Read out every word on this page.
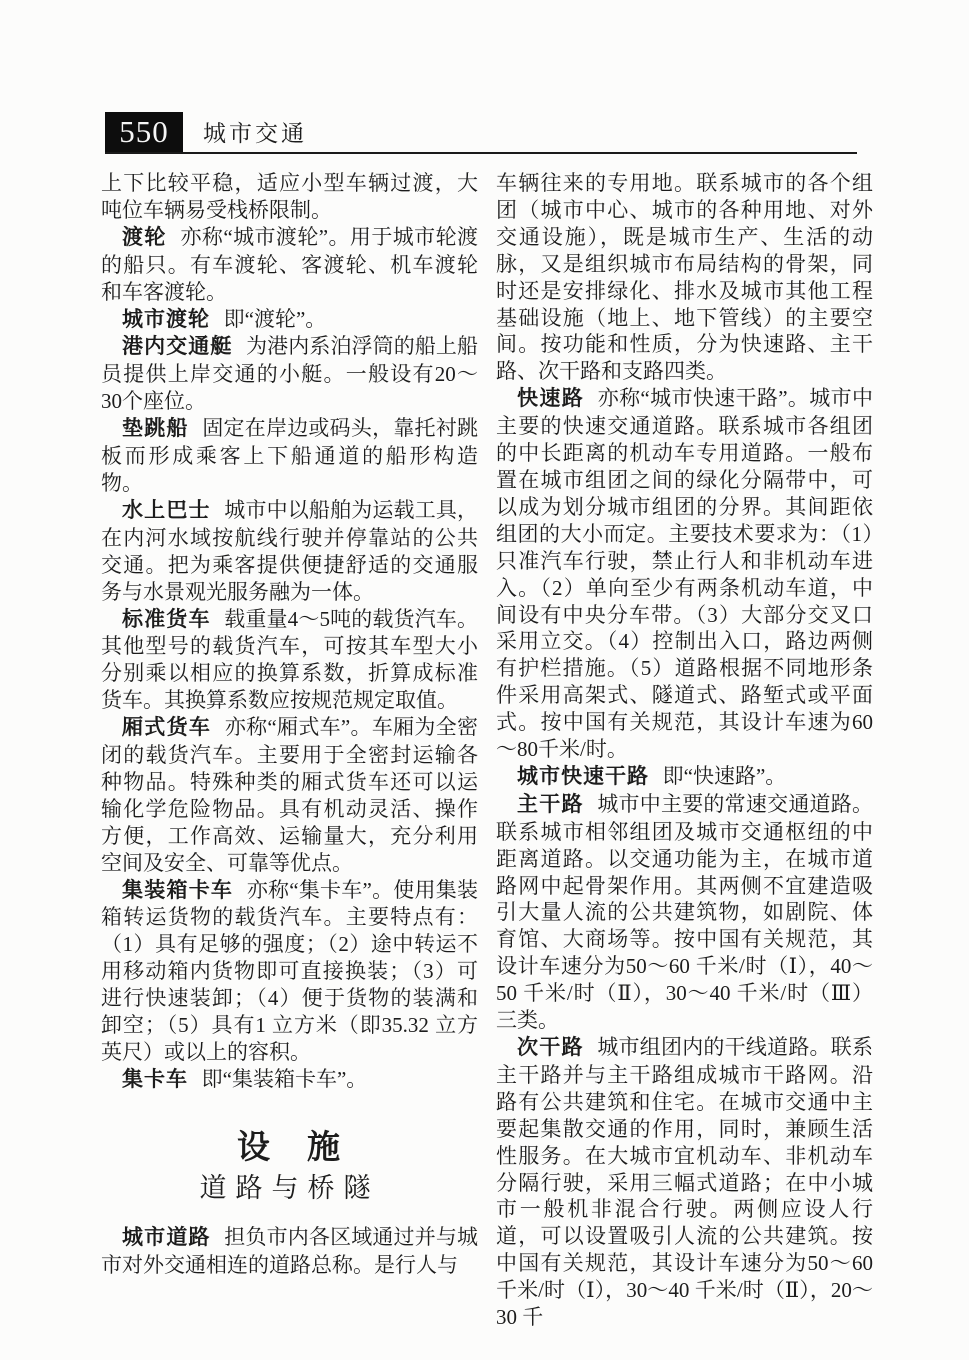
550 城市交通

上下比较平稳，适应小型车辆过渡，大吨位车辆易受栈桥限制。

渡轮 亦称“城市渡轮”。用于城市轮渡的船只。有车渡轮、客渡轮、机车渡轮和车客渡轮。

城市渡轮 即“渡轮”。

港内交通艇 为港内系泊浮筒的船上船员提供上岸交通的小艇。一般设有20～30个座位。

垫跳船 固定在岸边或码头，靠托衬跳板而形成乘客上下船通道的船形构造物。

水上巴士 城市中以船舶为运载工具，在内河水域按航线行驶并停靠站的公共交通。把为乘客提供便捷舒适的交通服务与水景观光服务融为一体。

标准货车 载重量4～5吨的载货汽车。其他型号的载货汽车，可按其车型大小分别乘以相应的换算系数，折算成标准货车。其换算系数应按规范规定取值。

厢式货车 亦称“厢式车”。车厢为全密闭的载货汽车。主要用于全密封运输各种物品。特殊种类的厢式货车还可以运输化学危险物品。具有机动灵活、操作方便，工作高效、运输量大，充分利用空间及安全、可靠等优点。

集装箱卡车 亦称“集卡车”。使用集装箱转运货物的载货汽车。主要特点有：（1）具有足够的强度；（2）途中转运不用移动箱内货物即可直接换装；（3）可进行快速装卸；（4）便于货物的装满和卸空；（5）具有1 立方米（即35.32 立方英尺）或以上的容积。

集卡车 即“集装箱卡车”。

设　施
道路与桥隧

城市道路 担负市内各区域通过并与城市对外交通相连的道路总称。是行人与

车辆往来的专用地。联系城市的各个组团（城市中心、城市的各种用地、对外交通设施），既是城市生产、生活的动脉，又是组织城市布局结构的骨架，同时还是安排绿化、排水及城市其他工程基础设施（地上、地下管线）的主要空间。按功能和性质，分为快速路、主干路、次干路和支路四类。

快速路 亦称“城市快速干路”。城市中主要的快速交通道路。联系城市各组团的中长距离的机动车专用道路。一般布置在城市组团之间的绿化分隔带中，可以成为划分城市组团的分界。其间距依组团的大小而定。主要技术要求为：（1）只准汽车行驶，禁止行人和非机动车进入。（2）单向至少有两条机动车道，中间设有中央分车带。（3）大部分交叉口采用立交。（4）控制出入口，路边两侧有护栏措施。（5）道路根据不同地形条件采用高架式、隧道式、路堑式或平面式。按中国有关规范，其设计车速为60～80千米/时。

城市快速干路 即“快速路”。

主干路 城市中主要的常速交通道路。联系城市相邻组团及城市交通枢纽的中距离道路。以交通功能为主，在城市道路网中起骨架作用。其两侧不宜建造吸引大量人流的公共建筑物，如剧院、体育馆、大商场等。按中国有关规范，其设计车速分为50～60 千米/时（Ⅰ），40～50 千米/时（Ⅱ），30～40 千米/时（Ⅲ）三类。

次干路 城市组团内的干线道路。联系主干路并与主干路组成城市干路网。沿路有公共建筑和住宅。在城市交通中主要起集散交通的作用，同时，兼顾生活性服务。在大城市宜机动车、非机动车分隔行驶，采用三幅式道路；在中小城市一般机非混合行驶。两侧应设人行道，可以设置吸引人流的公共建筑。按中国有关规范，其设计车速分为50～60 千米/时（Ⅰ），30～40 千米/时（Ⅱ），20～30 千
